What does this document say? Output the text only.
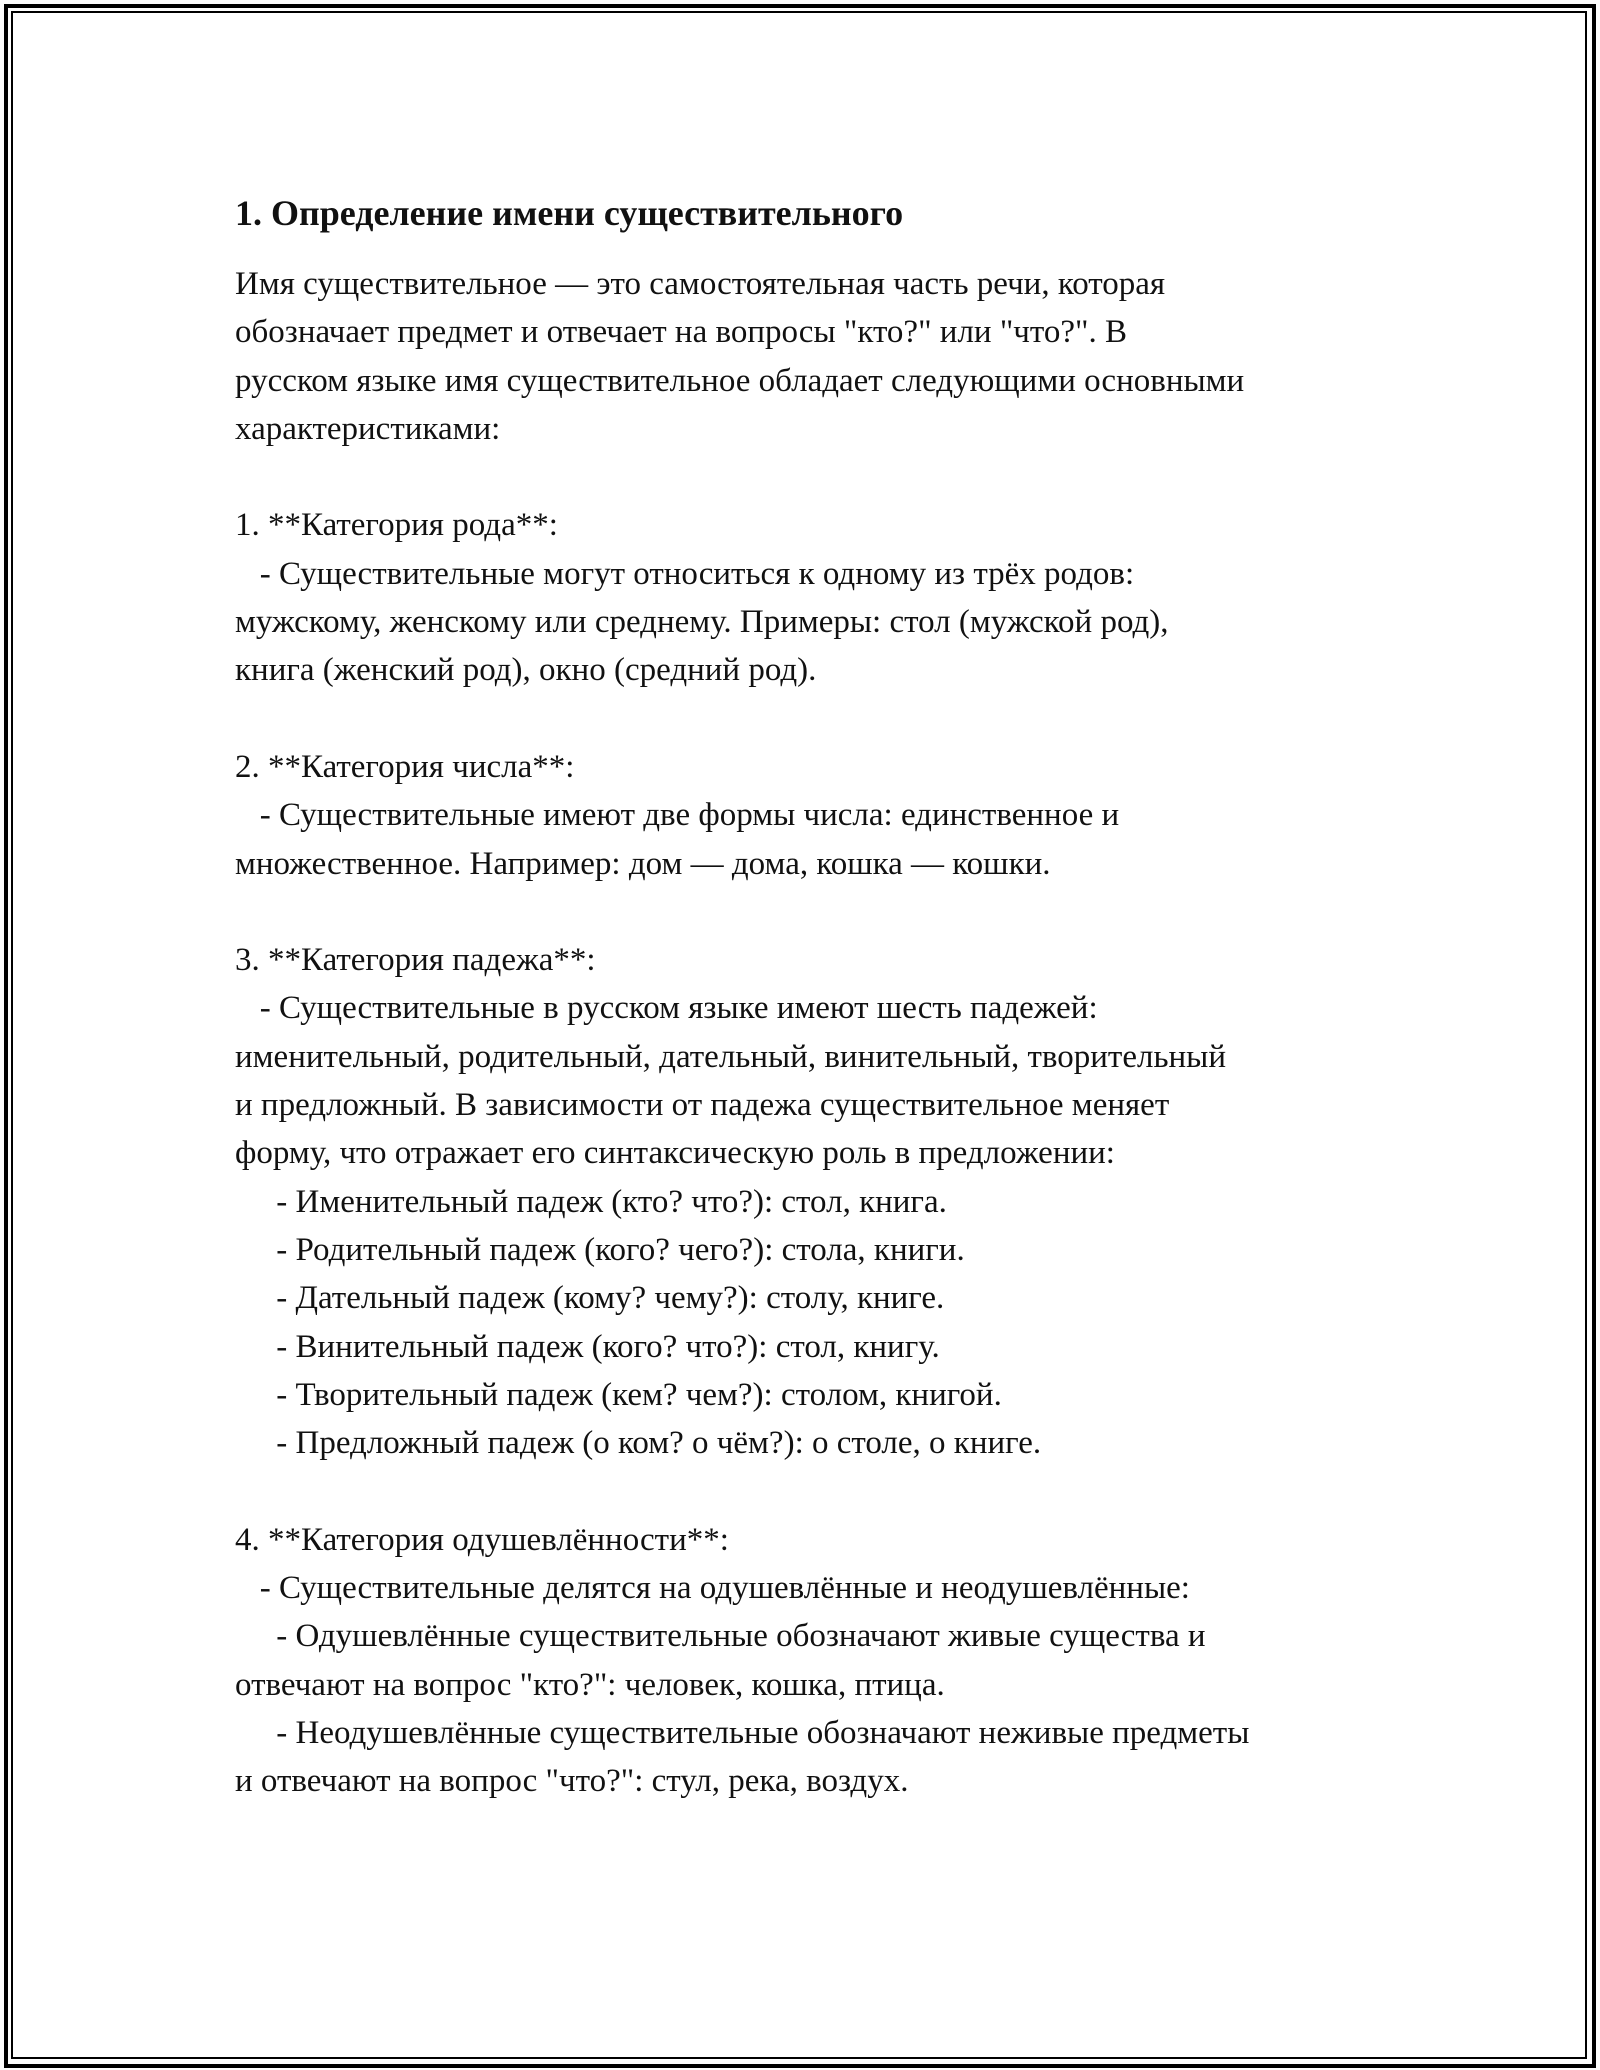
1. Определение имени существительного
Имя существительное — это самостоятельная часть речи, которая
обозначает предмет и отвечает на вопросы "кто?" или "что?". В
русском языке имя существительное обладает следующими основными
характеристиками:
1. **Категория рода**:
- Существительные могут относиться к одному из трёх родов:
мужскому, женскому или среднему. Примеры: стол (мужской род),
книга (женский род), окно (средний род).
2. **Категория числа**:
- Существительные имеют две формы числа: единственное и
множественное. Например: дом — дома, кошка — кошки.
3. **Категория падежа**:
- Существительные в русском языке имеют шесть падежей:
именительный, родительный, дательный, винительный, творительный
и предложный. В зависимости от падежа существительное меняет
форму, что отражает его синтаксическую роль в предложении:
- Именительный падеж (кто? что?): стол, книга.
- Родительный падеж (кого? чего?): стола, книги.
- Дательный падеж (кому? чему?): столу, книге.
- Винительный падеж (кого? что?): стол, книгу.
- Творительный падеж (кем? чем?): столом, книгой.
- Предложный падеж (о ком? о чём?): о столе, о книге.
4. **Категория одушевлённости**:
- Существительные делятся на одушевлённые и неодушевлённые:
- Одушевлённые существительные обозначают живые существа и
отвечают на вопрос "кто?": человек, кошка, птица.
- Неодушевлённые существительные обозначают неживые предметы
и отвечают на вопрос "что?": стул, река, воздух.
